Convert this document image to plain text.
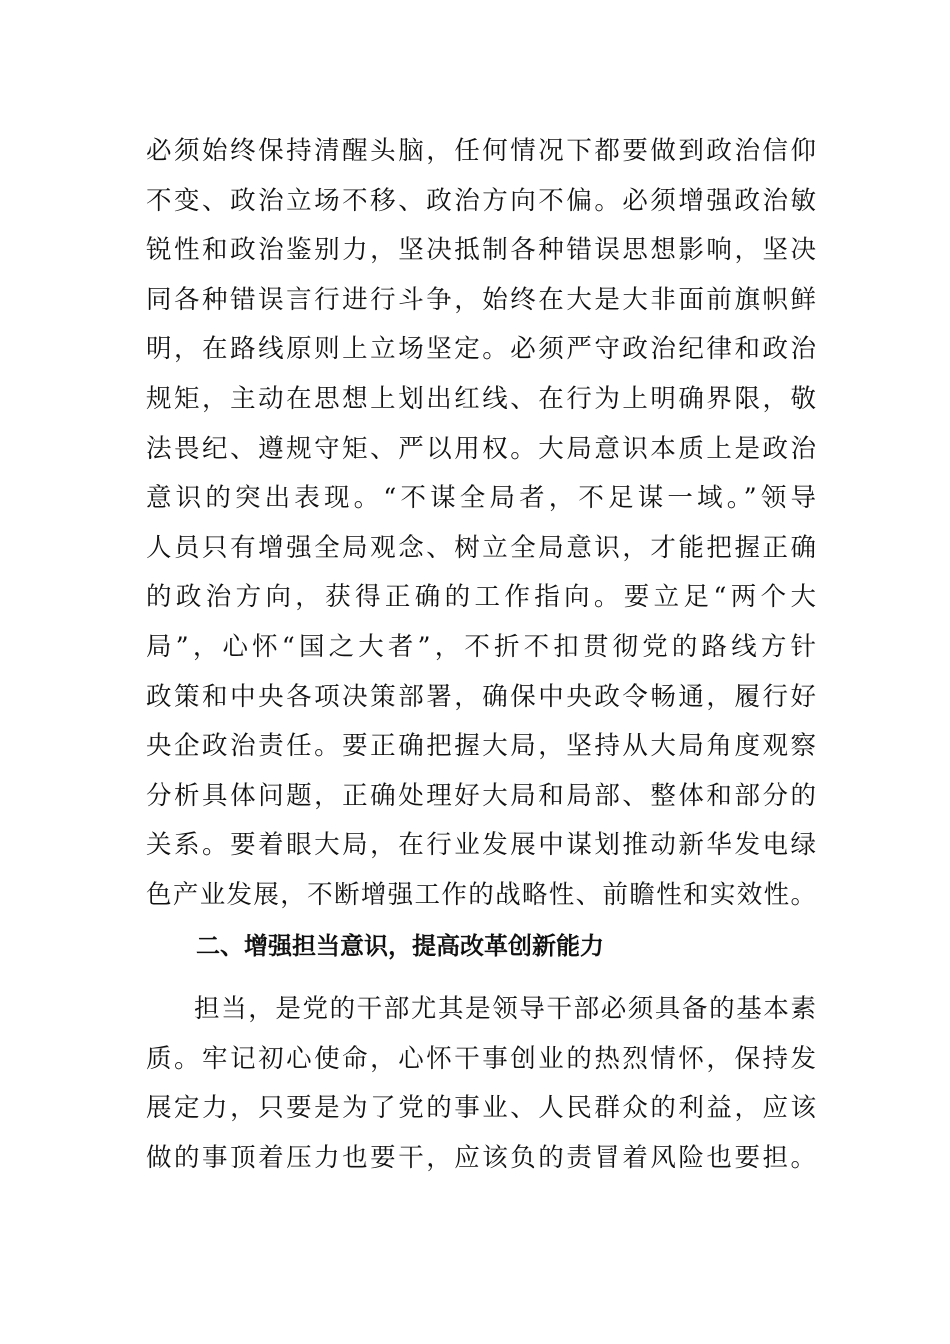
必须始终保持清醒头脑，任何情况下都要做到政治信仰
不变、政治立场不移、政治方向不偏。必须增强政治敏
锐性和政治鉴别力，坚决抵制各种错误思想影响，坚决
同各种错误言行进行斗争，始终在大是大非面前旗帜鲜
明，在路线原则上立场坚定。必须严守政治纪律和政治
规矩，主动在思想上划出红线、在行为上明确界限，敬
法畏纪、遵规守矩、严以用权。大局意识本质上是政治
意识的突出表现。“不谋全局者，不足谋一域。”领导
人员只有增强全局观念、树立全局意识，才能把握正确
的政治方向，获得正确的工作指向。要立足“两个大
局”，心怀“国之大者”，不折不扣贯彻党的路线方针
政策和中央各项决策部署，确保中央政令畅通，履行好
央企政治责任。要正确把握大局，坚持从大局角度观察
分析具体问题，正确处理好大局和局部、整体和部分的
关系。要着眼大局，在行业发展中谋划推动新华发电绿
色产业发展，不断增强工作的战略性、前瞻性和实效性。
二、增强担当意识，提高改革创新能力
担当，是党的干部尤其是领导干部必须具备的基本素
质。牢记初心使命，心怀干事创业的热烈情怀，保持发
展定力，只要是为了党的事业、人民群众的利益，应该
做的事顶着压力也要干，应该负的责冒着风险也要担。
